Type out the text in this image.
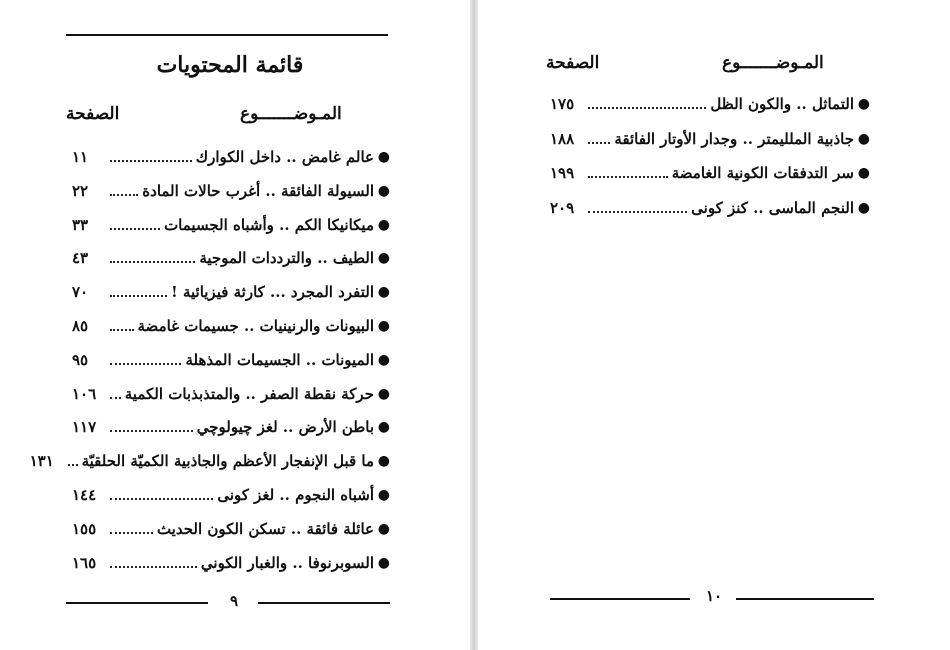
قائمة المحتويات
المـوضـــــــوع
الصفحة
●
عالم غامض .. داخل الكوارك
١١
●
السيولة الفائقة .. أغرب حالات المادة
٢٢
●
ميكانيكا الكم .. وأشباه الجسيمات
٣٣
●
الطيف .. والترددات الموجية
٤٣
●
التفرد المجرد ... كارثة فيزيائية !
٧٠
●
البيونات والرنينيات .. جسيمات غامضة
٨٥
●
الميونات .. الجسيمات المذهلة
٩٥
●
حركة نقطة الصفر .. والمتذبذبات الكمية
١٠٦
●
باطن الأرض .. لغز چيولوچي
١١٧
●
ما قبل الإنفجار الأعظم والجاذبية الكميّة الحلقيّة
١٣١
●
أشباه النجوم .. لغز كونى
١٤٤
●
عائلة فائقة .. تسكن الكون الحديث
١٥٥
●
السوبرنوفا .. والغبار الكوني
١٦٥
٩
المـوضـــــــوع
الصفحة
●
التماثل .. والكون الظل
١٧٥
●
جاذبية الملليمتر .. وجدار الأوتار الفائقة
١٨٨
●
سر التدفقات الكونية الغامضة
١٩٩
●
النجم الماسى .. كنز كونى
٢٠٩
١٠
